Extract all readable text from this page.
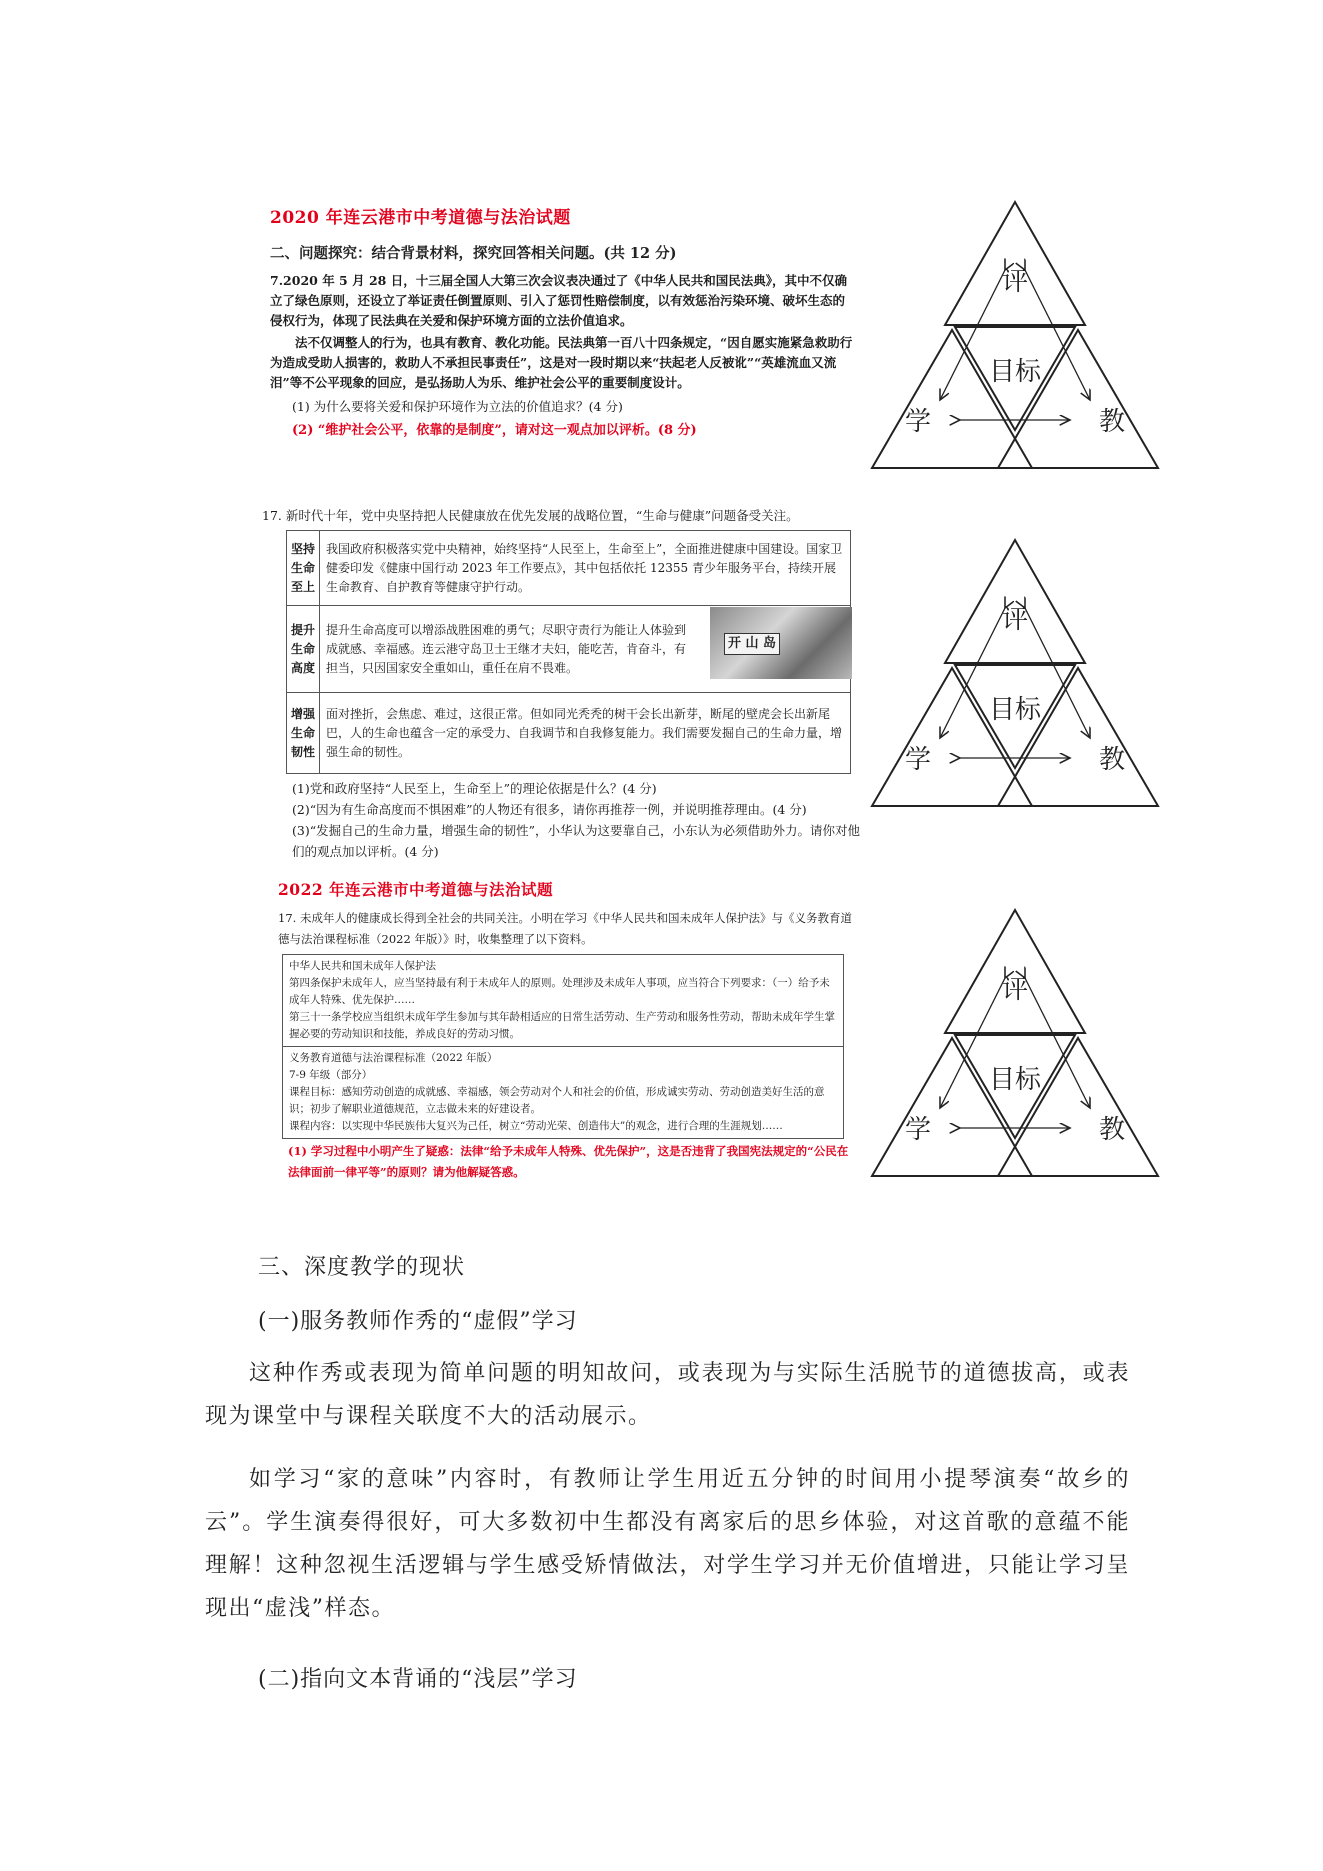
2020 年连云港市中考道德与法治试题
二、问题探究：结合背景材料，探究回答相关问题。(共 12 分)
7.2020 年 5 月 28 日，十三届全国人大第三次会议表决通过了《中华人民共和国民法典》，其中不仅确立了绿色原则，还设立了举证责任倒置原则、引入了惩罚性赔偿制度，以有效惩治污染环境、破坏生态的侵权行为，体现了民法典在关爱和保护环境方面的立法价值追求。
法不仅调整人的行为，也具有教育、教化功能。民法典第一百八十四条规定，“因自愿实施紧急救助行为造成受助人损害的，救助人不承担民事责任”，这是对一段时期以来“扶起老人反被讹”“英雄流血又流泪”等不公平现象的回应，是弘扬助人为乐、维护社会公平的重要制度设计。
(1) 为什么要将关爱和保护环境作为立法的价值追求？(4 分)
(2) “维护社会公平，依靠的是制度”，请对这一观点加以评析。(8 分)
17. 新时代十年，党中央坚持把人民健康放在优先发展的战略位置，“生命与健康”问题备受关注。
坚持生命至上	我国政府积极落实党中央精神，始终坚持“人民至上，生命至上”，全面推进健康中国建设。国家卫健委印发《健康中国行动 2023 年工作要点》，其中包括依托 12355 青少年服务平台，持续开展生命教育、自护教育等健康守护行动。
提升生命高度	提升生命高度可以增添战胜困难的勇气；尽职守责行为能让人体验到成就感、幸福感。连云港守岛卫士王继才夫妇，能吃苦，肯奋斗，有担当，只因国家安全重如山，重任在肩不畏难。
增强生命韧性	面对挫折，会焦虑、难过，这很正常。但如同光秃秃的树干会长出新芽，断尾的壁虎会长出新尾巴，人的生命也蕴含一定的承受力、自我调节和自我修复能力。我们需要发掘自己的生命力量，增强生命的韧性。
(1)党和政府坚持“人民至上，生命至上”的理论依据是什么？(4 分)
(2)“因为有生命高度而不惧困难”的人物还有很多，请你再推荐一例，并说明推荐理由。(4 分)
(3)“发掘自己的生命力量，增强生命的韧性”，小华认为这要靠自己，小东认为必须借助外力。请你对他们的观点加以评析。(4 分)
开 山 岛
2022 年连云港市中考道德与法治试题
17. 未成年人的健康成长得到全社会的共同关注。小明在学习《中华人民共和国未成年人保护法》与《义务教育道德与法治课程标准（2022 年版）》时，收集整理了以下资料。
中华人民共和国未成年人保护法
第四条保护未成年人，应当坚持最有利于未成年人的原则。处理涉及未成年人事项，应当符合下列要求：（一）给予未成年人特殊、优先保护……
第三十一条学校应当组织未成年学生参加与其年龄相适应的日常生活劳动、生产劳动和服务性劳动，帮助未成年学生掌握必要的劳动知识和技能，养成良好的劳动习惯。
义务教育道德与法治课程标准（2022 年版）
7-9 年级（部分）
课程目标：感知劳动创造的成就感、幸福感，领会劳动对个人和社会的价值，形成诚实劳动、劳动创造美好生活的意识；初步了解职业道德规范，立志做未来的好建设者。
课程内容：以实现中华民族伟大复兴为己任，树立“劳动光荣、创造伟大”的观念，进行合理的生涯规划……
(1) 学习过程中小明产生了疑惑：法律“给予未成年人特殊、优先保护”，这是否违背了我国宪法规定的“公民在法律面前一律平等”的原则？请为他解疑答惑。
评
目标
学	教
评
目标
学	教
评
目标
学	教
三、深度教学的现状
(一)服务教师作秀的“虚假”学习
这种作秀或表现为简单问题的明知故问，或表现为与实际生活脱节的道德拔高，或表现为课堂中与课程关联度不大的活动展示。
如学习“家的意味”内容时，有教师让学生用近五分钟的时间用小提琴演奏“故乡的云”。学生演奏得很好，可大多数初中生都没有离家后的思乡体验，对这首歌的意蕴不能理解！这种忽视生活逻辑与学生感受矫情做法，对学生学习并无价值增进，只能让学习呈现出“虚浅”样态。
(二)指向文本背诵的“浅层”学习
